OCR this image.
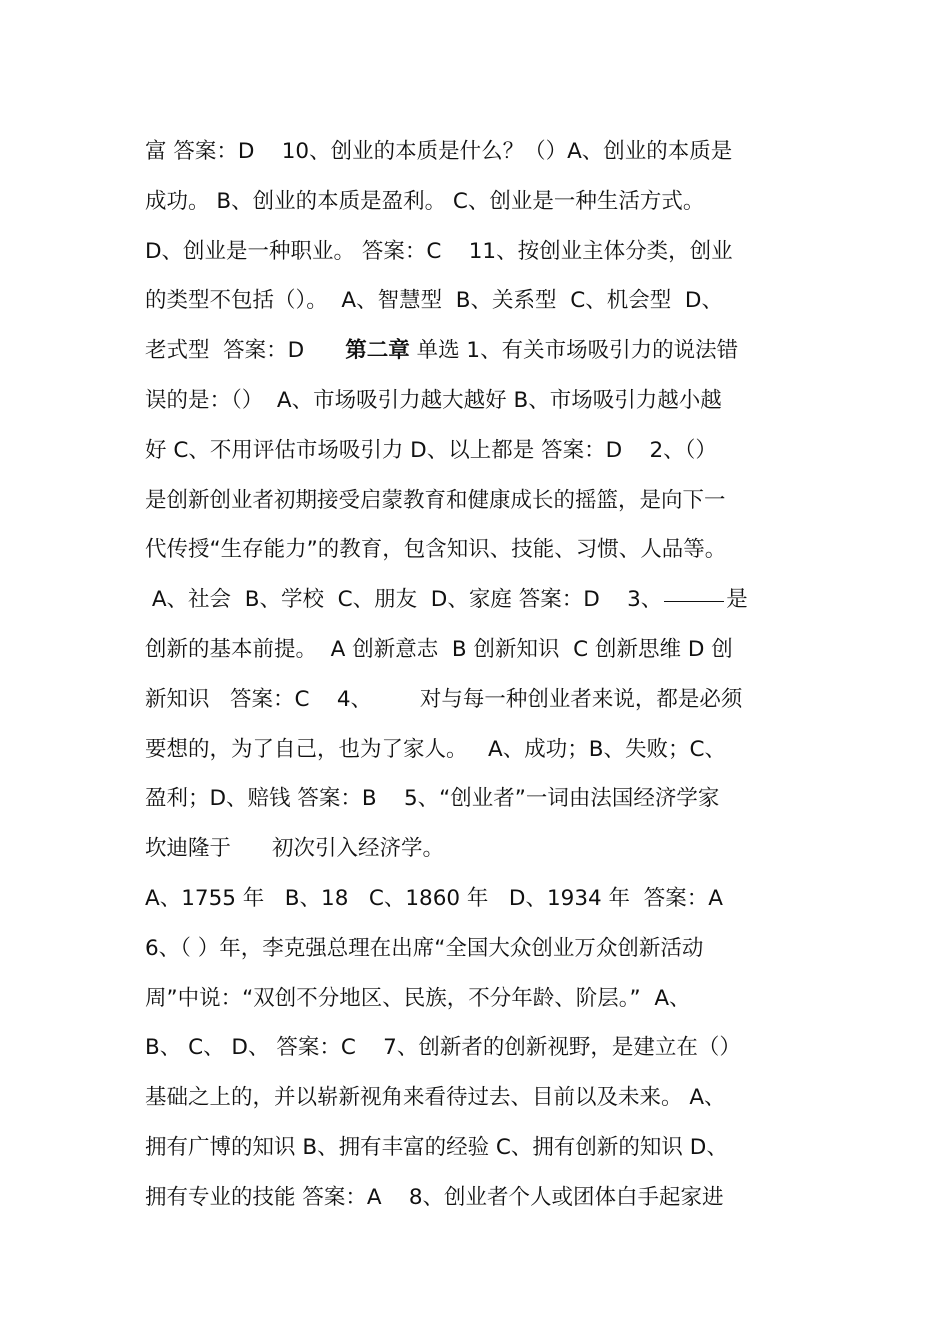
富 答案：D    10、创业的本质是什么？（）A、创业的本质是
成功。 B、创业的本质是盈利。 C、创业是一种生活方式。
D、创业是一种职业。 答案：C    11、按创业主体分类，创业
的类型不包括（）。  A、智慧型  B、关系型  C、机会型  D、
老式型  答案：D 第二章 单选 1、有关市场吸引力的说法错
误的是：（）  A、市场吸引力越大越好 B、市场吸引力越小越
好 C、不用评估市场吸引力 D、以上都是 答案：D    2、（）
是创新创业者初期接受启蒙教育和健康成长的摇篮，是向下一
代传授“生存能力”的教育，包含知识、技能、习惯、人品等。
A、社会  B、学校  C、朋友  D、家庭 答案：D    3、	是
创新的基本前提。  A 创新意志  B 创新知识  C 创新思维 D 创
新知识   答案：C    4、       对与每一种创业者来说，都是必须
要想的，为了自己，也为了家人。   A、成功；B、失败；C、
盈利；D、赔钱 答案：B    5、“创业者”一词由法国经济学家
坎迪隆于      初次引入经济学。
A、1755 年   B、18   C、1860 年   D、1934 年  答案：A
6、（ ）年，李克强总理在出席“全国大众创业万众创新活动
周”中说：“双创不分地区、民族，不分年龄、阶层。”  A、
B、 C、 D、 答案：C    7、创新者的创新视野，是建立在（）
基础之上的，并以崭新视角来看待过去、目前以及未来。 A、
拥有广博的知识 B、拥有丰富的经验 C、拥有创新的知识 D、
拥有专业的技能 答案：A    8、创业者个人或团体白手起家进
